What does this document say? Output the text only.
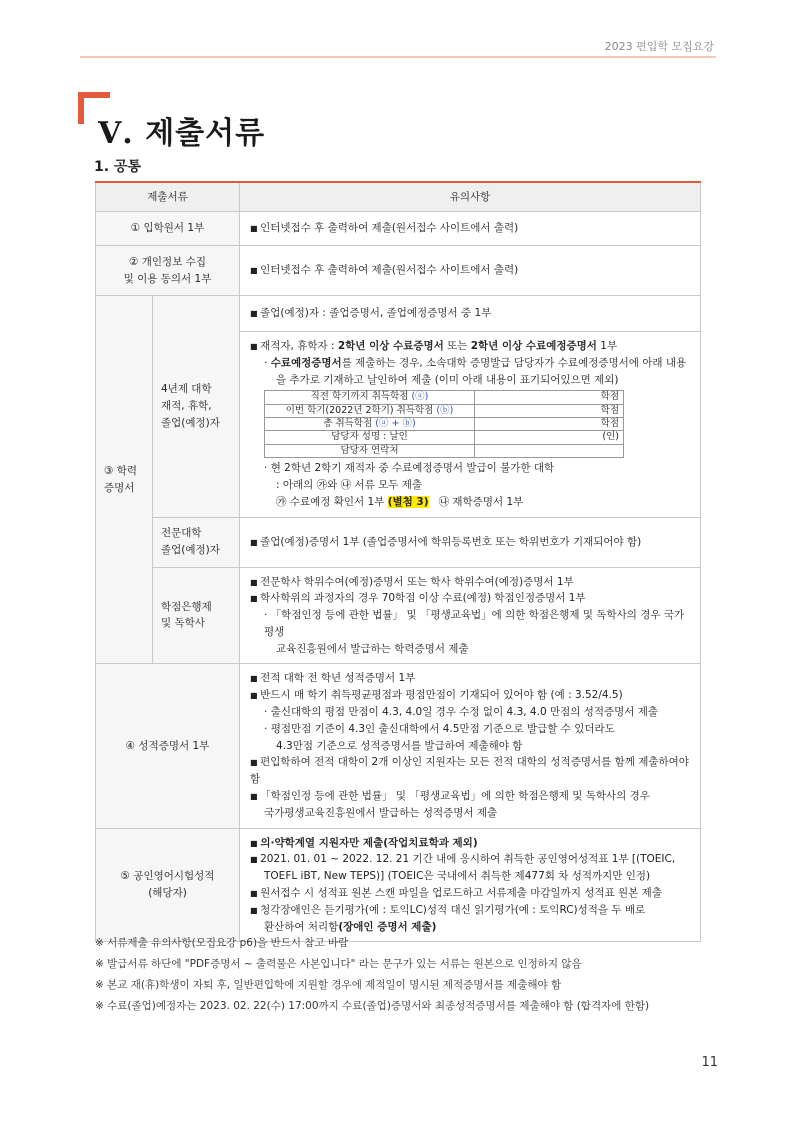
2023 편입학 모집요강
Ⅴ. 제출서류
1. 공통
제출서류	유의사항
① 입학원서 1부	■인터넷접수 후 출력하여 제출(원서접수 사이트에서 출력)

② 개인정보 수집
및 이용 동의서 1부
	■ 인터넷접수 후 출력하여 제출(원서접수 사이트에서 출력)

③ 학력
증명서

4년제 대학
재적, 휴학,
졸업(예정)자
	■ 졸업(예정)자 : 졸업증명서, 졸업예정증명서 중 1부

■ 재적자, 휴학자 : 2학년 이상 수료증명서 또는 2학년 이상 수료예정증명서 1부
· 수료예정증명서를 제출하는 경우, 소속대학 증명발급 담당자가 수료예정증명서에 아래 내용
을 추가로 기재하고 날인하여 제출 (이미 아래 내용이 표기되어있으면 제외)
직전 학기까지 취득학점 (ⓐ)	학점
이번 학기(2022년 2학기) 취득학점 (ⓑ)	학점
총 취득학점 (ⓐ + ⓑ)	학점
담당자 성명 : 날인	(인)
담당자 연락처	
· 현 2학년 2학기 재적자 중 수료예정증명서 발급이 불가한 대학
: 아래의 ㉮와 ㉯ 서류 모두 제출
㉮ 수료예정 확인서 1부 (별첨 3) ㉯ 재학증명서 1부

전문대학
졸업(예정)자
	■ 졸업(예정)증명서 1부 (졸업증명서에 학위등록번호 또는 학위번호가 기재되어야 함)

학점은행제
및 독학사

■ 전문학사 학위수여(예정)증명서 또는 학사 학위수여(예정)증명서 1부
■ 학사학위의 과정자의 경우 70학점 이상 수료(예정) 학점인정증명서 1부
· 「학점인정 등에 관한 법률」 및 「평생교육법」에 의한 학점은행제 및 독학사의 경우 국가평생
교육진흥원에서 발급하는 학력증명서 제출

④ 성적증명서 1부	
■ 전적 대학 전 학년 성적증명서 1부
■ 반드시 매 학기 취득평균평점과 평점만점이 기재되어 있어야 함 (예 : 3.52/4.5)
· 출신대학의 평점 만점이 4.3, 4.0일 경우 수정 없이 4.3, 4.0 만점의 성적증명서 제출
· 평점만점 기준이 4.3인 출신대학에서 4.5만점 기준으로 발급할 수 있더라도
4.3만점 기준으로 성적증명서를 발급하여 제출해야 함
■ 편입학하여 전적 대학이 2개 이상인 지원자는 모든 전적 대학의 성적증명서를 함께 제출하여야 함
■ 「학점인정 등에 관한 법률」 및 「평생교육법」에 의한 학점은행제 및 독학사의 경우
국가평생교육진흥원에서 발급하는 성적증명서 제출

⑤ 공인영어시험성적
(해당자)

■ 의·약학계열 지원자만 제출(작업치료학과 제외)
■ 2021. 01. 01 ~ 2022. 12. 21 기간 내에 응시하여 취득한 공인영어성적표 1부 [(TOEIC,
TOEFL iBT, New TEPS)] (TOEIC은 국내에서 취득한 제477회 차 성적까지만 인정)
■ 원서접수 시 성적표 원본 스캔 파일을 업로드하고 서류제출 마감일까지 성적표 원본 제출
■ 청각장애인은 듣기평가(예 : 토익LC)성적 대신 읽기평가(예 : 토익RC)성적을 두 배로
환산하여 처리함(장애인 증명서 제출)
※ 서류제출 유의사항(모집요강 p6)을 반드시 참고 바람
※ 발급서류 하단에 "PDF증명서 ~ 출력물은 사본입니다" 라는 문구가 있는 서류는 원본으로 인정하지 않음
※ 본교 재(휴)학생이 자퇴 후, 일반편입학에 지원할 경우에 제적일이 명시된 제적증명서를 제출해야 함
※ 수료(졸업)예정자는 2023. 02. 22(수) 17:00까지 수료(졸업)증명서와 최종성적증명서를 제출해야 함 (합격자에 한함)
11
